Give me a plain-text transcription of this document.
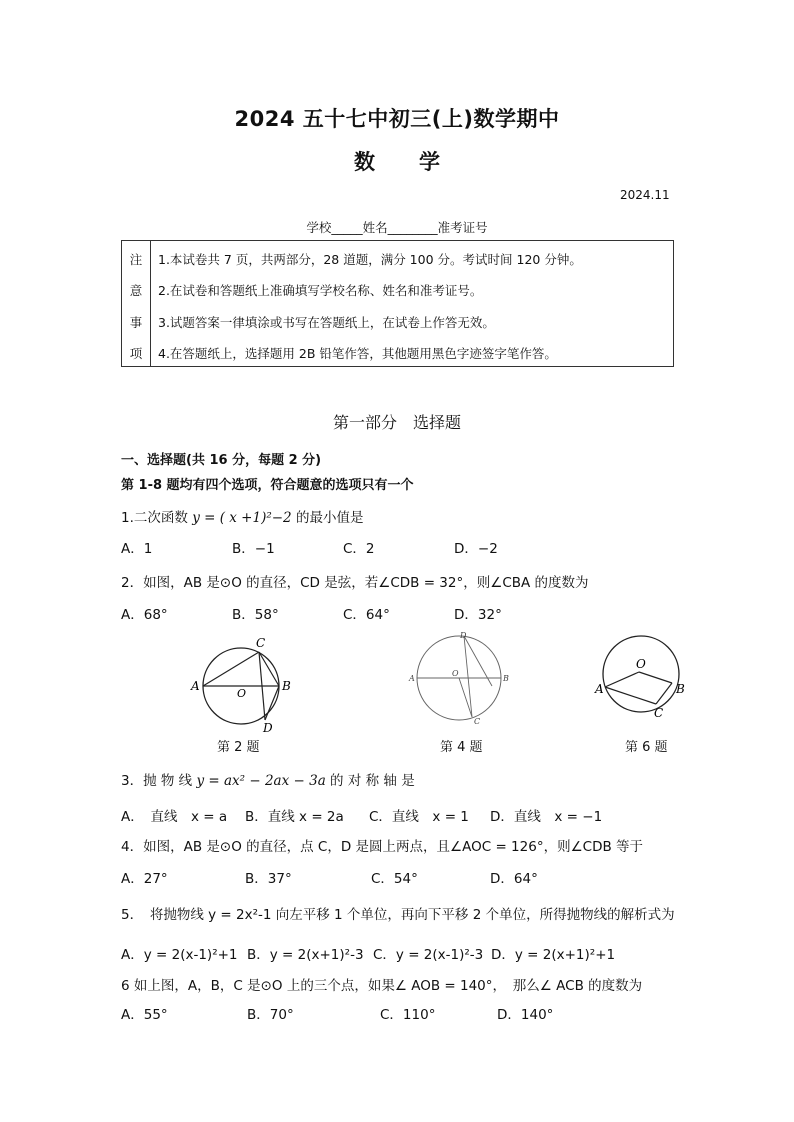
2024 五十七中初三(上)数学期中
数学
2024.11
学校_____姓名________准考证号
注
意
事
项
1.本试卷共 7 页，共两部分，28 道题，满分 100 分。考试时间 120 分钟。
2.在试卷和答题纸上准确填写学校名称、姓名和准考证号。
3.试题答案一律填涂或书写在答题纸上，在试卷上作答无效。
4.在答题纸上，选择题用 2B 铅笔作答，其他题用黑色字迹签字笔作答。
第一部分　选择题
一、选择题(共 16 分，每题 2 分)
第 1-8 题均有四个选项，符合题意的选项只有一个
1.二次函数 y = ( x +1)²−2 的最小值是
A．1	B．−1	C．2	D．−2
2．如图，AB 是⊙O 的直径，CD 是弦，若∠CDB = 32°，则∠CBA 的度数为
A．68°	B．58°	C．64°	D．32°
C
A
O
B
D
第 2 题
D
A
O
B
C
第 4 题
O
A	B
C
第 6 题
3．抛 物 线 y = ax² − 2ax − 3a 的 对 称 轴 是
A．　直线　x = a B．直线 x = 2a C．直线　x = 1 D．直线　x = −1
4．如图，AB 是⊙O 的直径，点 C，D 是圆上两点，且∠AOC = 126°，则∠CDB 等于
A．27°	B．37°	C．54°	D．64°
5．　将抛物线 y = 2x²-1 向左平移 1 个单位，再向下平移 2 个单位，所得抛物线的解析式为
A．y = 2(x-1)²+1 B．y = 2(x+1)²-3 C．y = 2(x-1)²-3 D．y = 2(x+1)²+1
6 如上图，A，B，C 是⊙O 上的三个点，如果∠ AOB = 140°，　那么∠ ACB 的度数为
A．55°	B．70°	C．110°	D．140°
